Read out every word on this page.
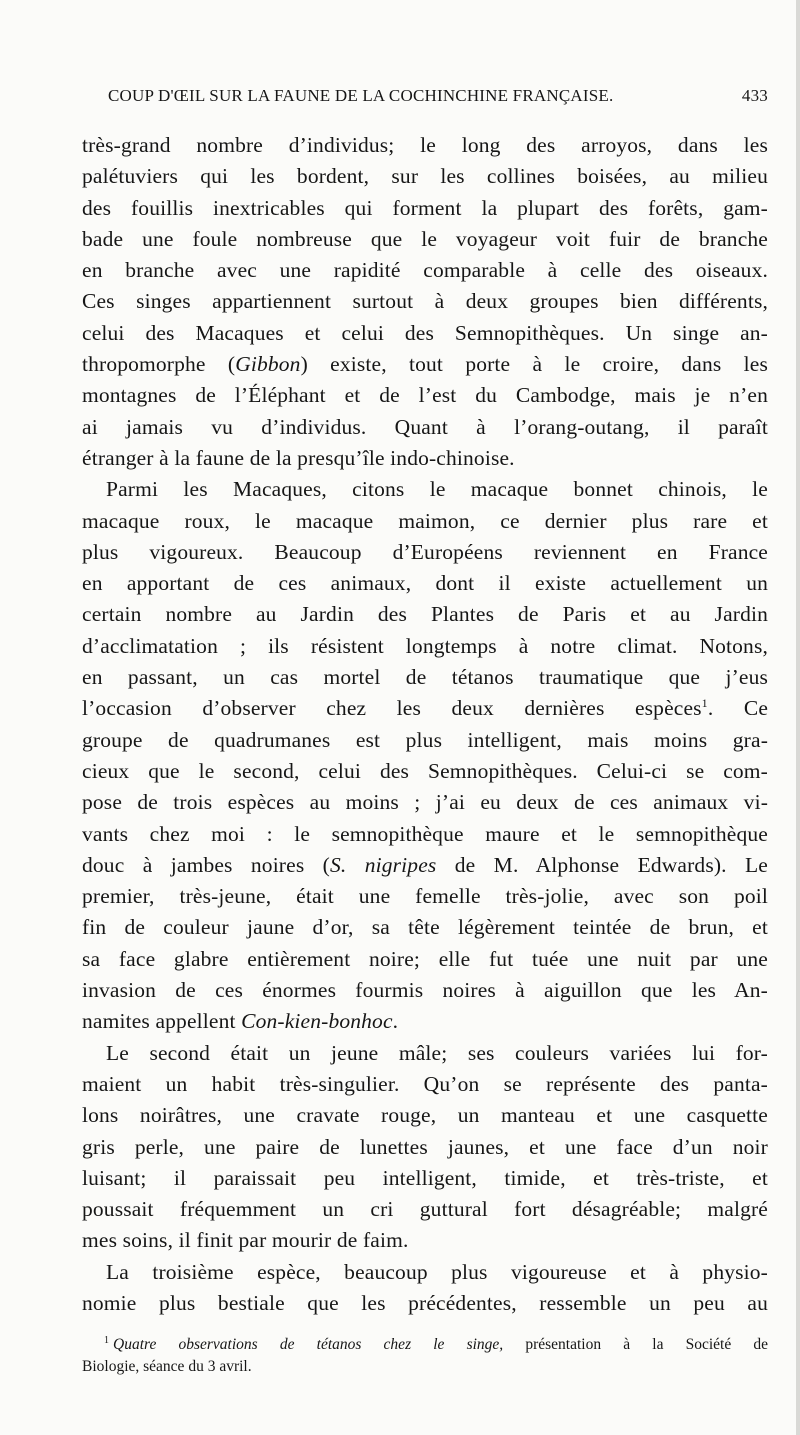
COUP D'ŒIL SUR LA FAUNE DE LA COCHINCHINE FRANÇAISE.	433
très-grand nombre d’individus; le long des arroyos, dans les
palétuviers qui les bordent, sur les collines boisées, au milieu
des fouillis inextricables qui forment la plupart des forêts, gam-
bade une foule nombreuse que le voyageur voit fuir de branche
en branche avec une rapidité comparable à celle des oiseaux.
Ces singes appartiennent surtout à deux groupes bien différents,
celui des Macaques et celui des Semnopithèques. Un singe an-
thropomorphe (Gibbon) existe, tout porte à le croire, dans les
montagnes de l’Éléphant et de l’est du Cambodge, mais je n’en
ai jamais vu d’individus. Quant à l’orang-outang, il paraît
étranger à la faune de la presqu’île indo-chinoise.
Parmi les Macaques, citons le macaque bonnet chinois, le
macaque roux, le macaque maimon, ce dernier plus rare et
plus vigoureux. Beaucoup d’Européens reviennent en France
en apportant de ces animaux, dont il existe actuellement un
certain nombre au Jardin des Plantes de Paris et au Jardin
d’acclimatation ; ils résistent longtemps à notre climat. Notons,
en passant, un cas mortel de tétanos traumatique que j’eus
l’occasion d’observer chez les deux dernières espèces$^1$. Ce
groupe de quadrumanes est plus intelligent, mais moins gra-
cieux que le second, celui des Semnopithèques. Celui-ci se com-
pose de trois espèces au moins ; j’ai eu deux de ces animaux vi-
vants chez moi : le semnopithèque maure et le semnopithèque
douc à jambes noires (S. nigripes de M. Alphonse Edwards). Le
premier, très-jeune, était une femelle très-jolie, avec son poil
fin de couleur jaune d’or, sa tête légèrement teintée de brun, et
sa face glabre entièrement noire; elle fut tuée une nuit par une
invasion de ces énormes fourmis noires à aiguillon que les An-
namites appellent Con-kien-bonhoc.
Le second était un jeune mâle; ses couleurs variées lui for-
maient un habit très-singulier. Qu’on se représente des panta-
lons noirâtres, une cravate rouge, un manteau et une casquette
gris perle, une paire de lunettes jaunes, et une face d’un noir
luisant; il paraissait peu intelligent, timide, et très-triste, et
poussait fréquemment un cri guttural fort désagréable; malgré
mes soins, il finit par mourir de faim.
La troisième espèce, beaucoup plus vigoureuse et à physio-
nomie plus bestiale que les précédentes, ressemble un peu au
$^1$ Quatre observations de tétanos chez le singe, présentation à la Société de
Biologie, séance du 3 avril.
